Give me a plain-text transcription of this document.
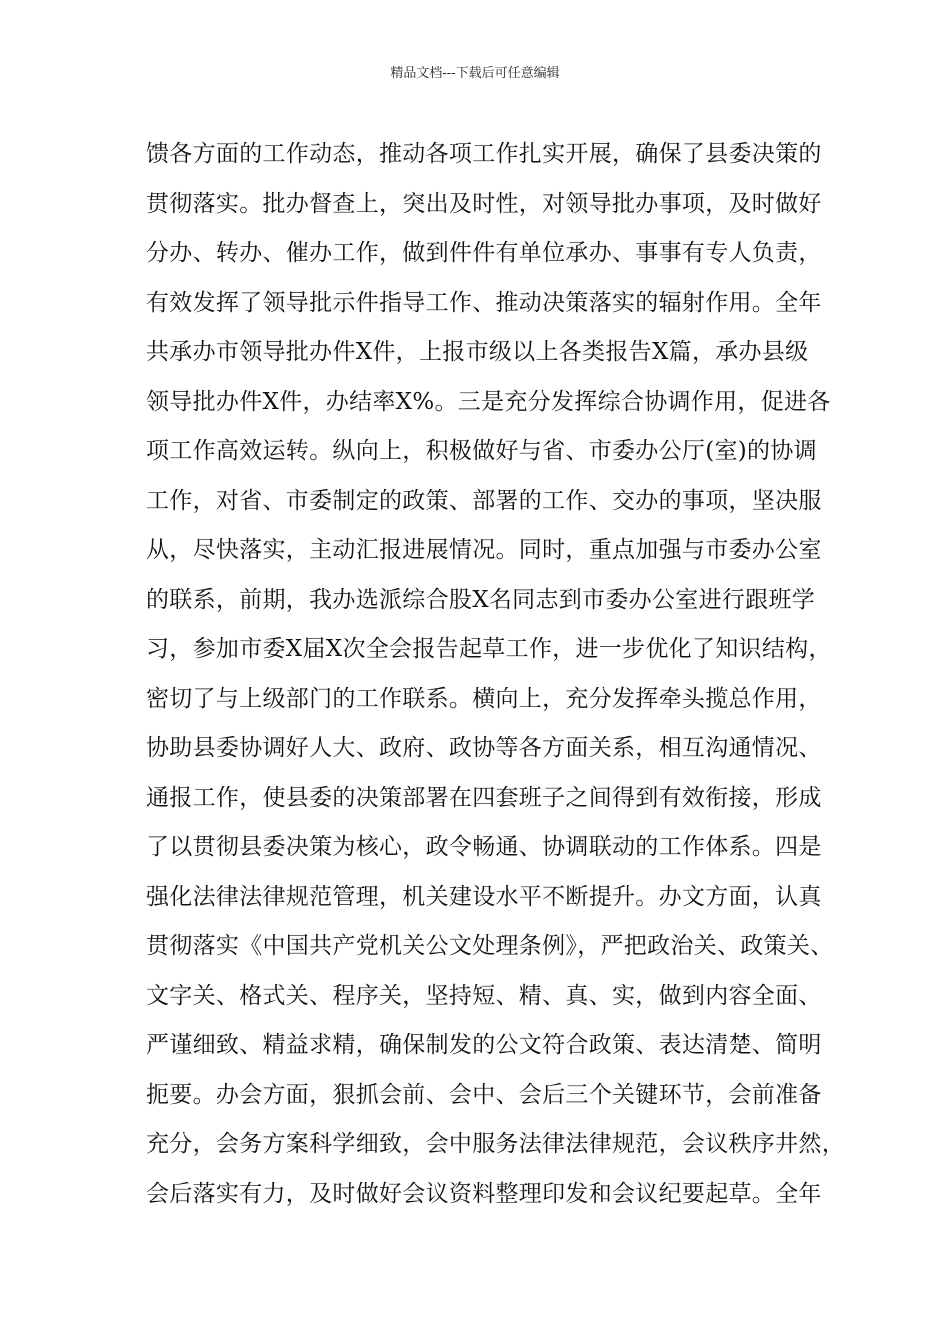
精品文档---下载后可任意编辑
馈各方面的工作动态，推动各项工作扎实开展，确保了县委决策的
贯彻落实。批办督查上，突出及时性，对领导批办事项，及时做好
分办、转办、催办工作，做到件件有单位承办、事事有专人负责，
有效发挥了领导批示件指导工作、推动决策落实的辐射作用。全年
共承办市领导批办件X件，上报市级以上各类报告X篇，承办县级
领导批办件X件，办结率X%。三是充分发挥综合协调作用，促进各
项工作高效运转。纵向上，积极做好与省、市委办公厅(室)的协调
工作，对省、市委制定的政策、部署的工作、交办的事项，坚决服
从，尽快落实，主动汇报进展情况。同时，重点加强与市委办公室
的联系，前期，我办选派综合股X名同志到市委办公室进行跟班学
习，参加市委X届X次全会报告起草工作，进一步优化了知识结构，
密切了与上级部门的工作联系。横向上，充分发挥牵头揽总作用，
协助县委协调好人大、政府、政协等各方面关系，相互沟通情况、
通报工作，使县委的决策部署在四套班子之间得到有效衔接，形成
了以贯彻县委决策为核心，政令畅通、协调联动的工作体系。四是
强化法律法律规范管理，机关建设水平不断提升。办文方面，认真
贯彻落实《中国共产党机关公文处理条例》，严把政治关、政策关、
文字关、格式关、程序关，坚持短、精、真、实，做到内容全面、
严谨细致、精益求精，确保制发的公文符合政策、表达清楚、简明
扼要。办会方面，狠抓会前、会中、会后三个关键环节，会前准备
充分，会务方案科学细致，会中服务法律法律规范，会议秩序井然，
会后落实有力，及时做好会议资料整理印发和会议纪要起草。全年
